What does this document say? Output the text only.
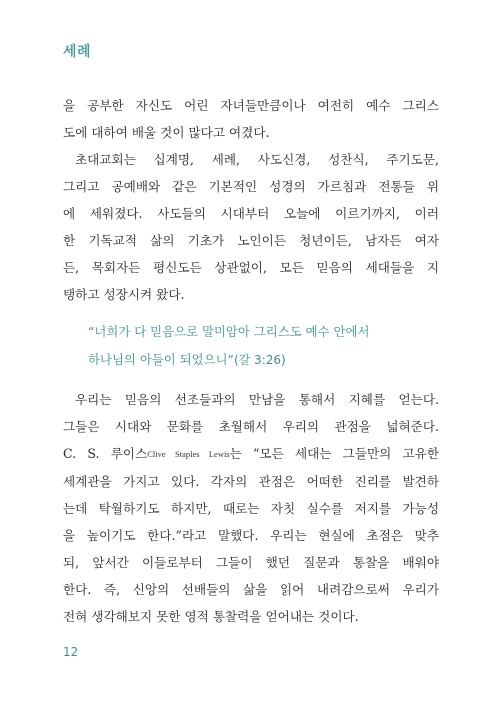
세례

을 공부한 자신도 어린 자녀들만큼이나 여전히 예수 그리스

도에 대하여 배울 것이 많다고 여겼다.

초대교회는 십계명, 세례, 사도신경, 성찬식, 주기도문,

그리고 공예배와 같은 기본적인 성경의 가르침과 전통들 위

에 세워졌다. 사도들의 시대부터 오늘에 이르기까지, 이러

한 기독교적 삶의 기초가 노인이든 청년이든, 남자든 여자

든, 목회자든 평신도든 상관없이, 모든 믿음의 세대들을 지

탱하고 성장시켜 왔다.

“너희가 다 믿음으로 말미암아 그리스도 예수 안에서
하나님의 아들이 되었으니”(갈 3:26)

우리는 믿음의 선조들과의 만남을 통해서 지혜를 얻는다.

그들은 시대와 문화를 초월해서 우리의 관점을 넓혀준다.

C. S. 루이스Clive Staples Lewis는 “모든 세대는 그들만의 고유한

세계관을 가지고 있다. 각자의 관점은 어떠한 진리를 발견하

는데 탁월하기도 하지만, 때로는 자칫 실수를 저지를 가능성

을 높이기도 한다.”라고 말했다. 우리는 현실에 초점은 맞추

되, 앞서간 이들로부터 그들이 했던 질문과 통찰을 배워야

한다. 즉, 신앙의 선배들의 삶을 읽어 내려감으로써 우리가

전혀 생각해보지 못한 영적 통찰력을 얻어내는 것이다.

12
